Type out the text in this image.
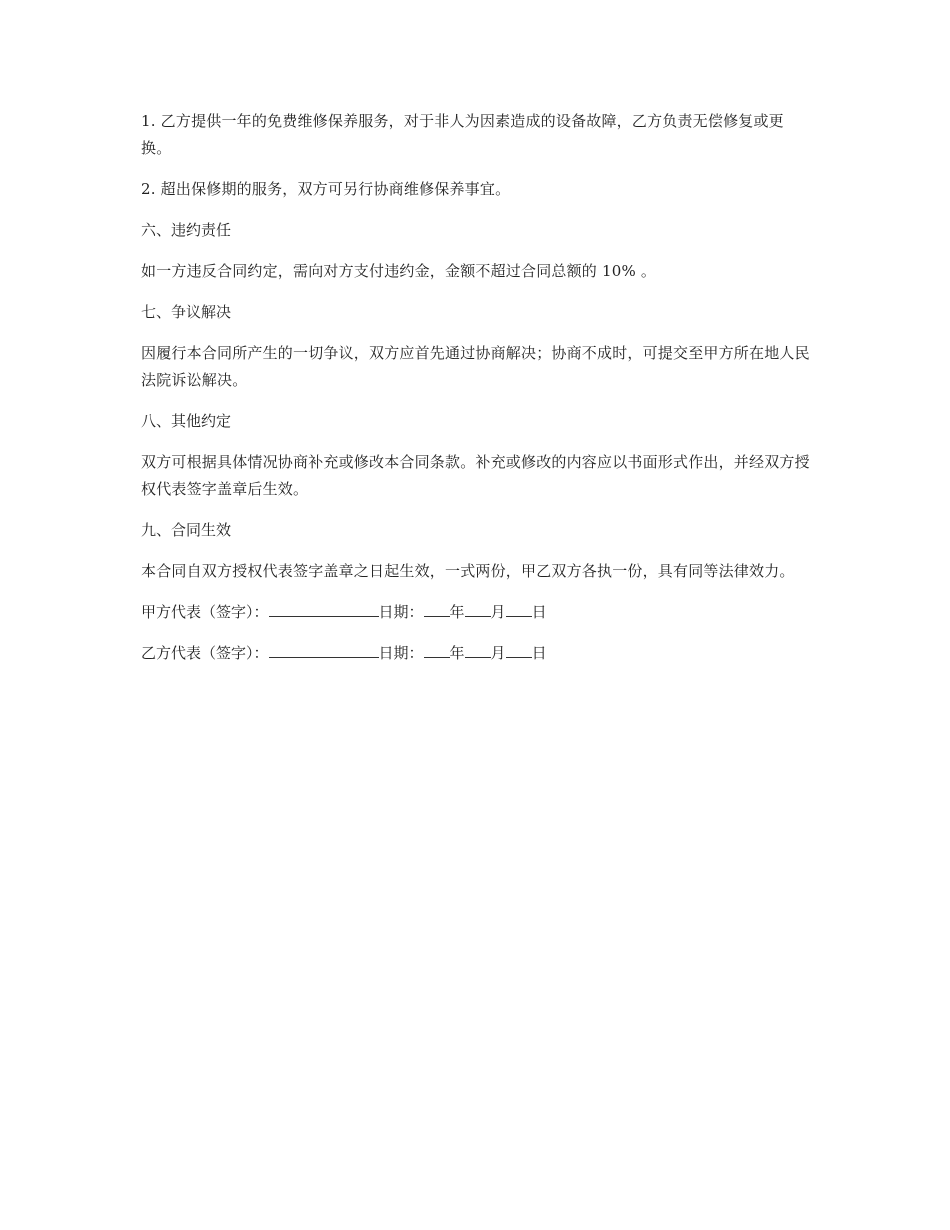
1. 乙方提供一年的免费维修保养服务，对于非人为因素造成的设备故障，乙方负责无偿修复或更换。

2. 超出保修期的服务，双方可另行协商维修保养事宜。

六、违约责任

如一方违反合同约定，需向对方支付违约金，金额不超过合同总额的 10% 。

七、争议解决

因履行本合同所产生的一切争议，双方应首先通过协商解决；协商不成时，可提交至甲方所在地人民法院诉讼解决。

八、其他约定

双方可根据具体情况协商补充或修改本合同条款。补充或修改的内容应以书面形式作出，并经双方授权代表签字盖章后生效。

九、合同生效

本合同自双方授权代表签字盖章之日起生效，一式两份，甲乙双方各执一份，具有同等法律效力。

甲方代表（签字）：	日期： 年 月 日
乙方代表（签字）：	日期： 年 月 日
